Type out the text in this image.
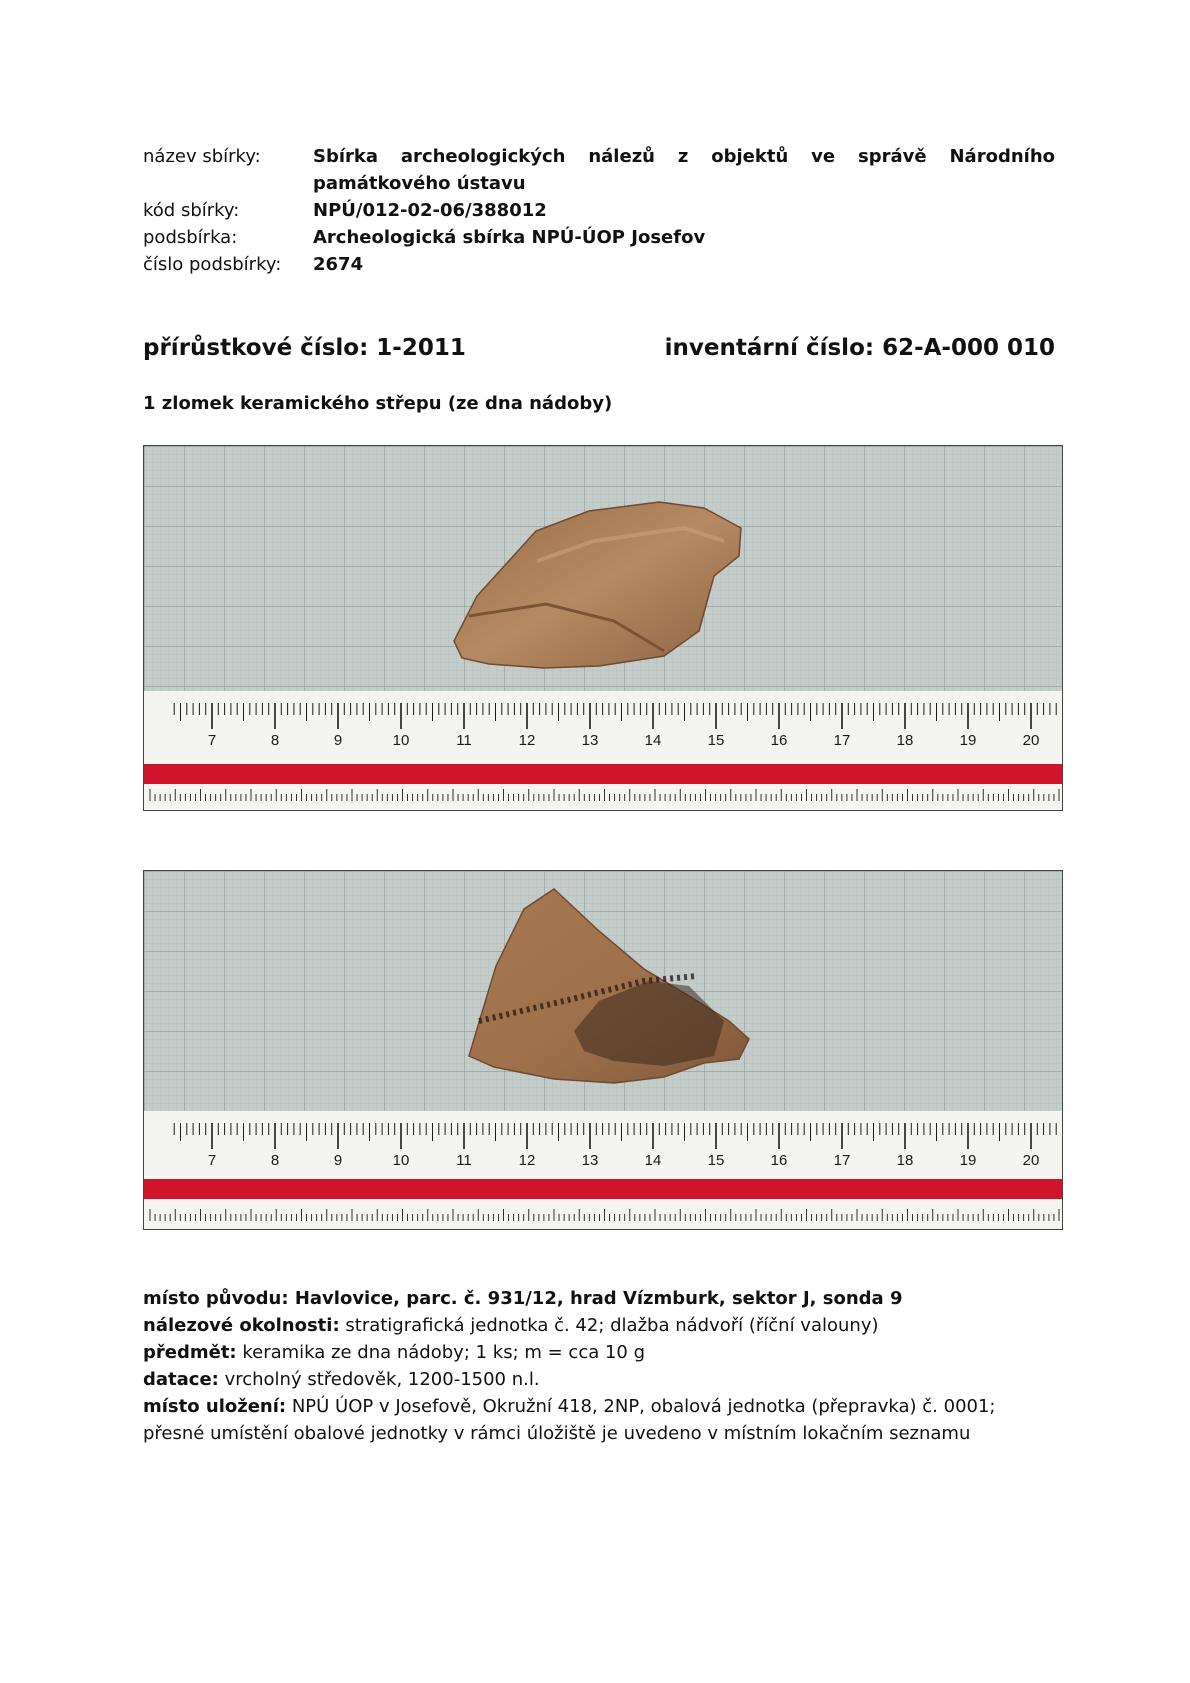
název sbírky:	Sbírka archeologických nálezů z objektů ve správě Národního památkového ústavu
kód sbírky:	NPÚ/012-02-06/388012
podsbírka:	Archeologická sbírka NPÚ-ÚOP Josefov
číslo podsbírky:	2674
přírůstkové číslo: 1-2011	inventární číslo: 62-A-000 010
1 zlomek keramického střepu (ze dna nádoby)
7	8	9	10	11	12	13	14	15	16	17	18	19	20
7	8	9	10	11	12	13	14	15	16	17	18	19	20

místo původu: Havlovice, parc. č. 931/12, hrad Vízmburk, sektor J, sonda 9

nálezové okolnosti: stratigrafická jednotka č. 42; dlažba nádvoří (říční valouny)

předmět: keramika ze dna nádoby; 1 ks; m = cca 10 g

datace: vrcholný středověk, 1200-1500 n.l.

místo uložení: NPÚ ÚOP v Josefově, Okružní 418, 2NP, obalová jednotka (přepravka) č. 0001; přesné umístění obalové jednotky v rámci úložiště je uvedeno v místním lokačním seznamu
